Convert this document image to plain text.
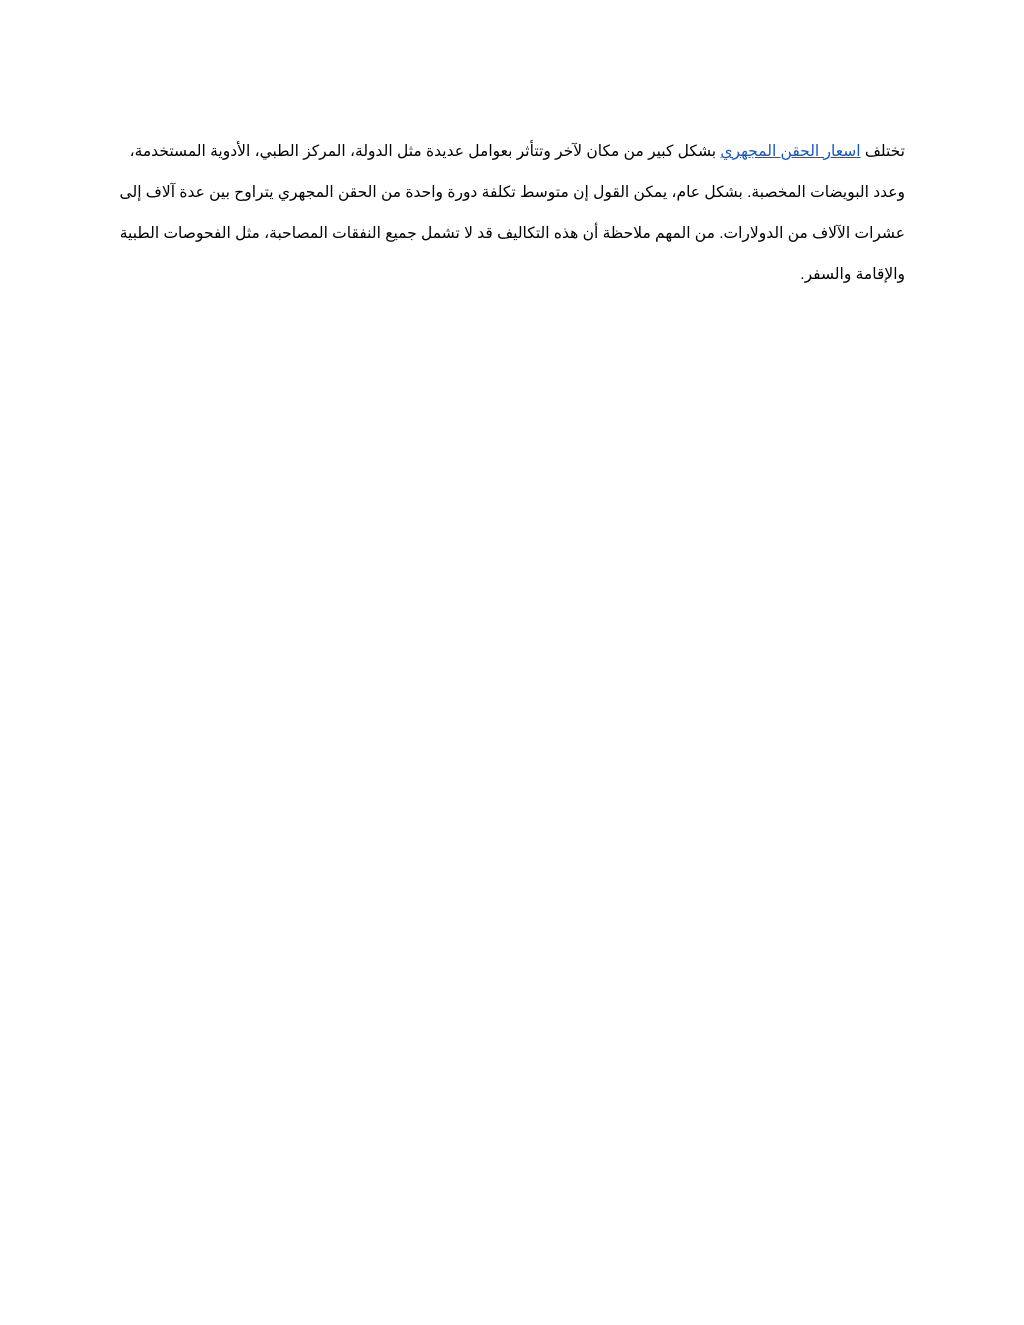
تختلف اسعار الحقن المجهري بشكل كبير من مكان لآخر وتتأثر بعوامل عديدة مثل الدولة، المركز الطبي، الأدوية المستخدمة، وعدد البويضات المخصبة. بشكل عام، يمكن القول إن متوسط تكلفة دورة واحدة من الحقن المجهري يتراوح بين عدة آلاف إلى عشرات الآلاف من الدولارات. من المهم ملاحظة أن هذه التكاليف قد لا تشمل جميع النفقات المصاحبة، مثل الفحوصات الطبية والإقامة والسفر.
